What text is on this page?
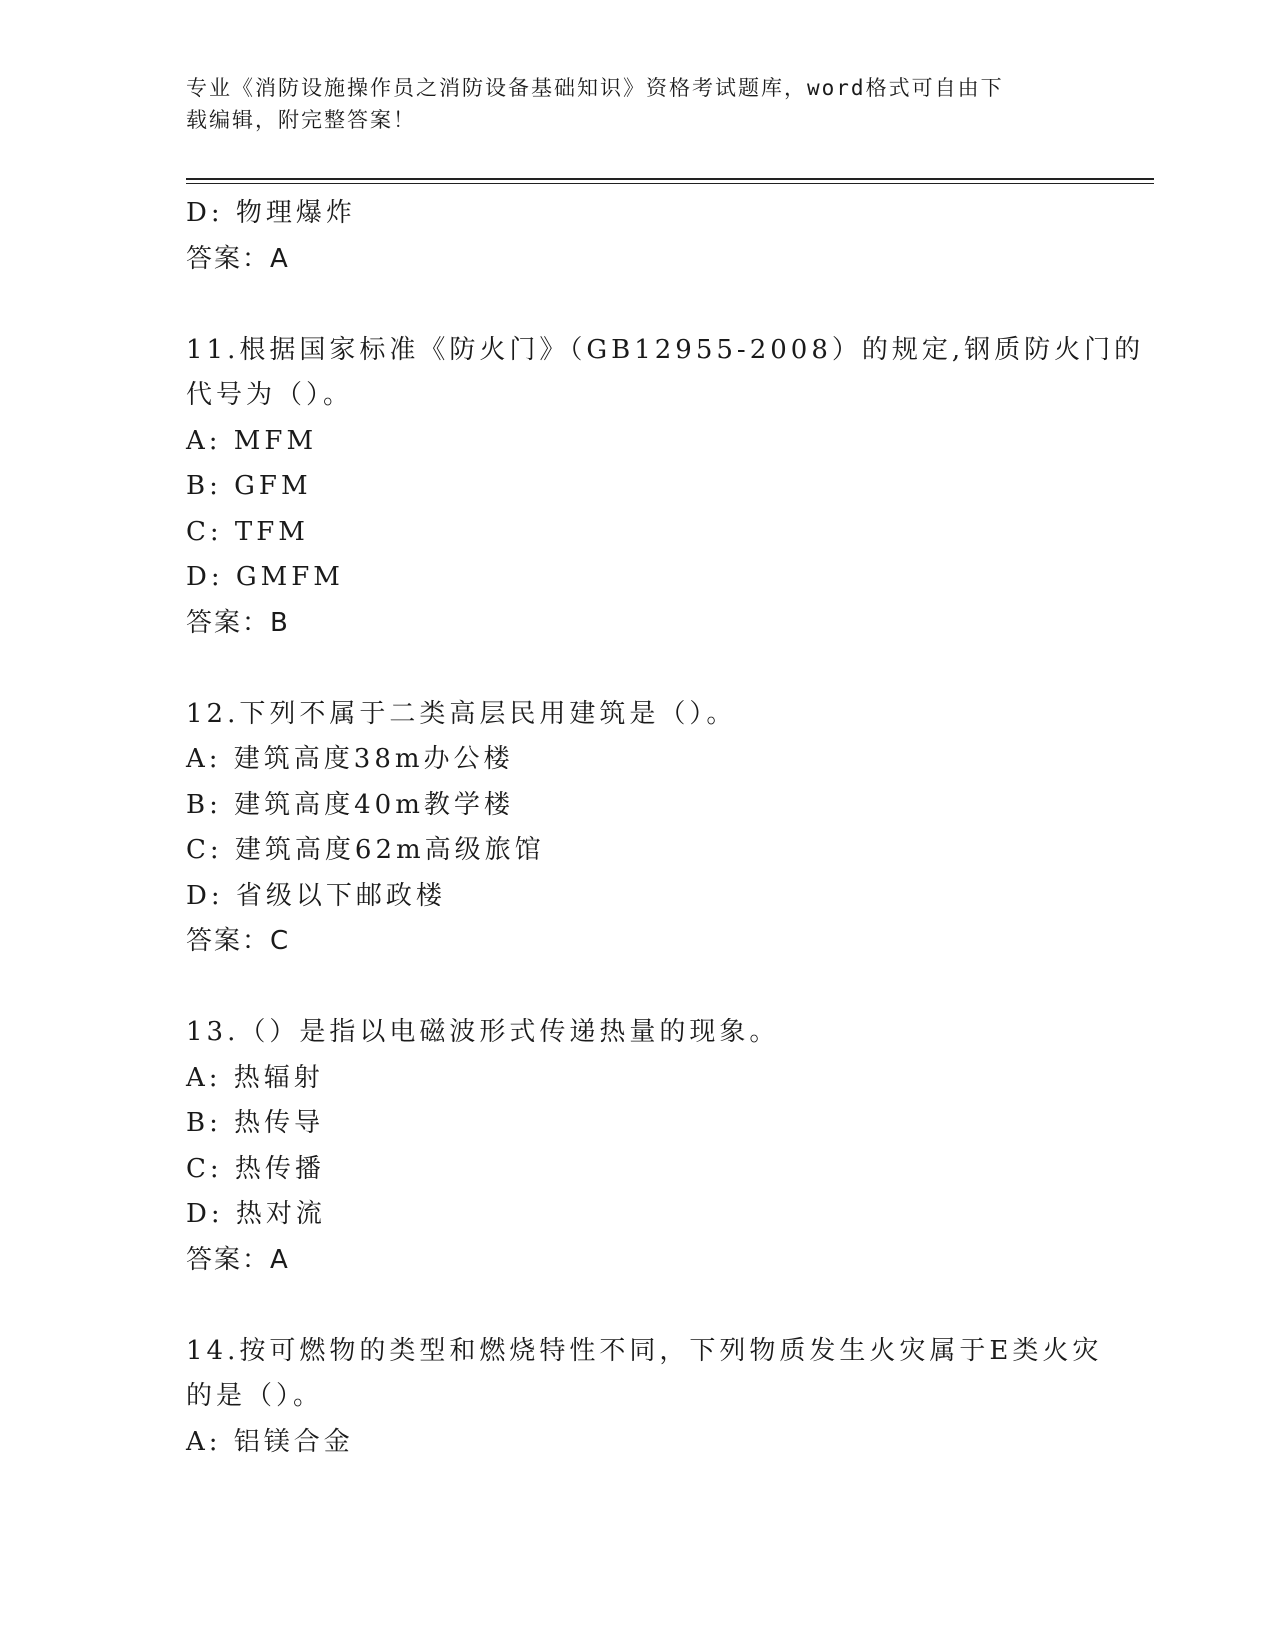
专业《消防设施操作员之消防设备基础知识》资格考试题库，word格式可自由下
载编辑，附完整答案！
D: 物理爆炸
答案：A
11.根据国家标准《防火门》（GB12955-2008）的规定,钢质防火门的
代号为（）。
A: MFM
B: GFM
C: TFM
D: GMFM
答案：B
12.下列不属于二类高层民用建筑是（）。
A: 建筑高度38m办公楼
B: 建筑高度40m教学楼
C: 建筑高度62m高级旅馆
D: 省级以下邮政楼
答案：C
13.（）是指以电磁波形式传递热量的现象。
A: 热辐射
B: 热传导
C: 热传播
D: 热对流
答案：A
14.按可燃物的类型和燃烧特性不同，下列物质发生火灾属于E类火灾
的是（）。
A: 铝镁合金
